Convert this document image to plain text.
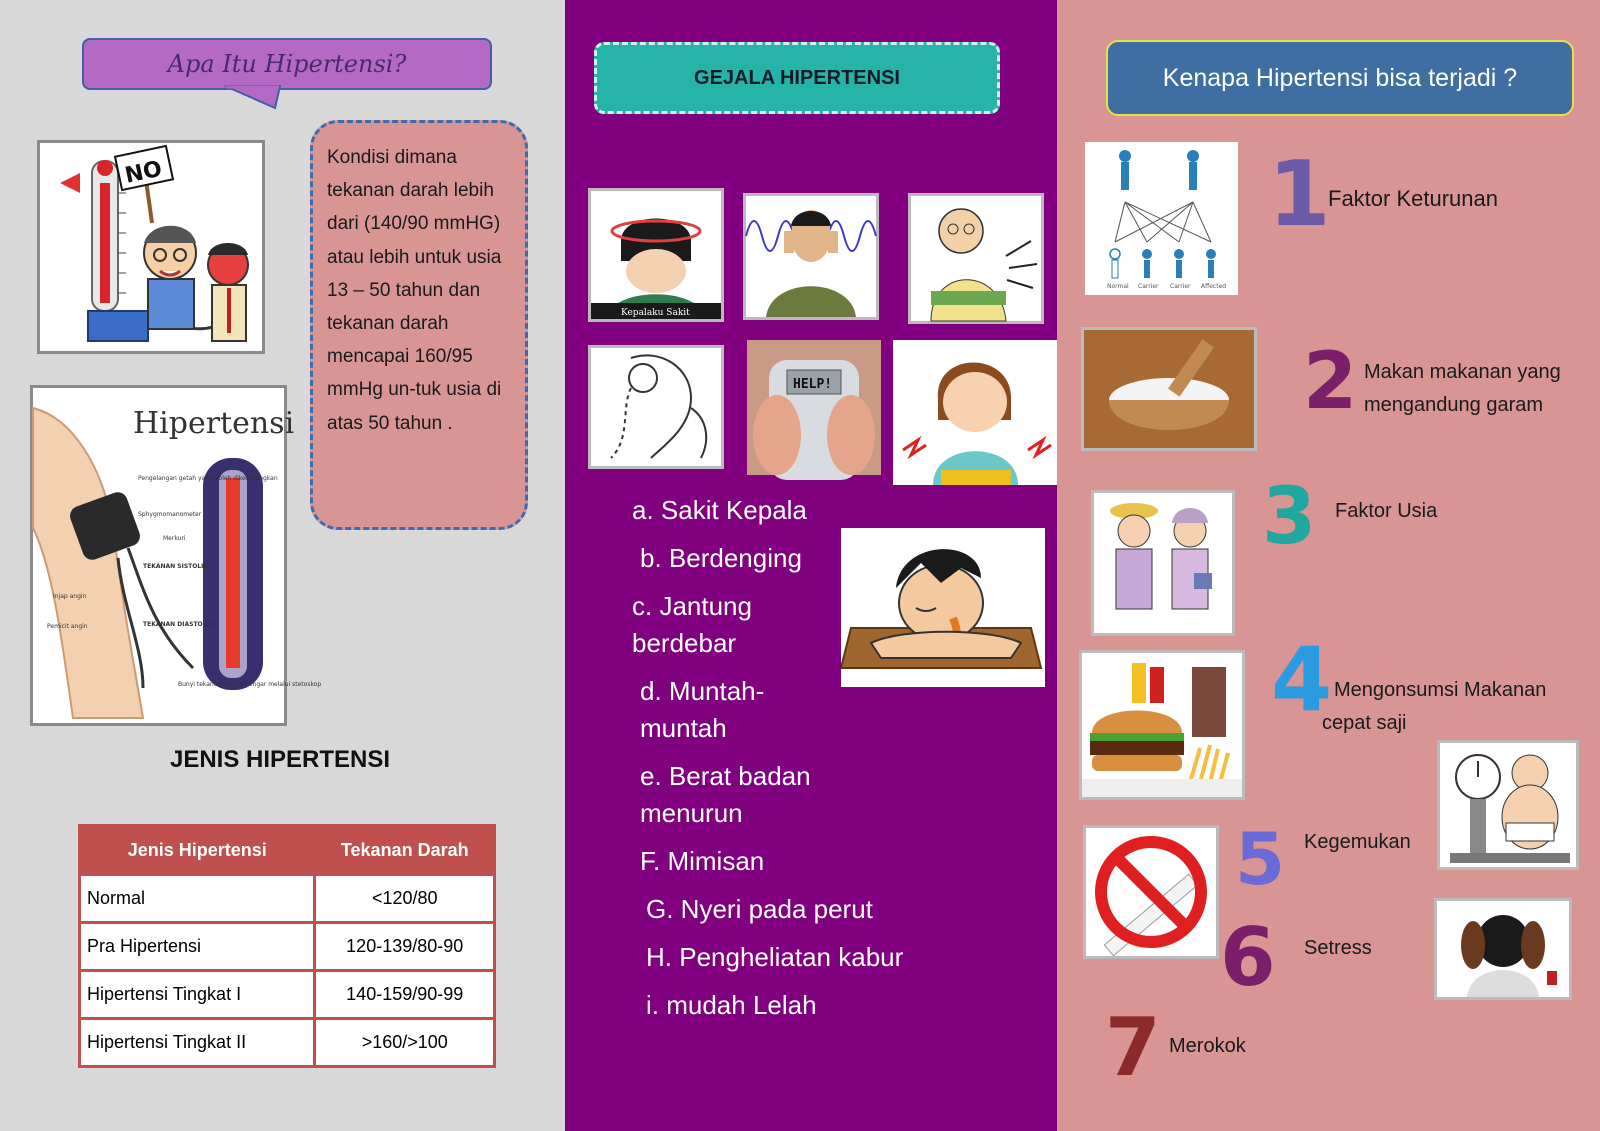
Apa Itu Hipertensi?
NO
Hipertensi
Pengelangan getah yang boleh dikembungkan
Sphygmomanometer
Merkuri
TEKANAN SISTOLIK
TEKANAN DIASTOLIK
Injap angin
Pemicit angin
Bunyi tekanan akan didengar melalui stetoskop
Kondisi dimana tekanan darah lebih dari (140/90 mmHG) atau lebih untuk usia 13 – 50 tahun dan tekanan darah mencapai 160/95 mmHg un-tuk usia di atas 50 tahun .
JENIS HIPERTENSI
Jenis Hipertensi	Tekanan Darah
Normal	<120/80
Pra Hipertensi	120-139/80-90
Hipertensi Tingkat I	140-159/90-99
Hipertensi Tingkat II	>160/>100
GEJALA HIPERTENSI
Kepalaku Sakit
HELP!
a. Sakit Kepala
b. Berdenging
c. Jantung berdebar
d. Muntah-muntah
e. Berat badan menurun
F. Mimisan
G. Nyeri pada perut
H. Pengheliatan kabur
i. mudah Lelah
Kenapa Hipertensi bisa terjadi ?
Normal Carrier Carrier Affected
1
2
3
4
5
6
7
Faktor Keturunan
Makan makanan yang mengandung garam
Faktor Usia
Mengonsumsi Makanan cepat saji
Kegemukan
Setress
Merokok
